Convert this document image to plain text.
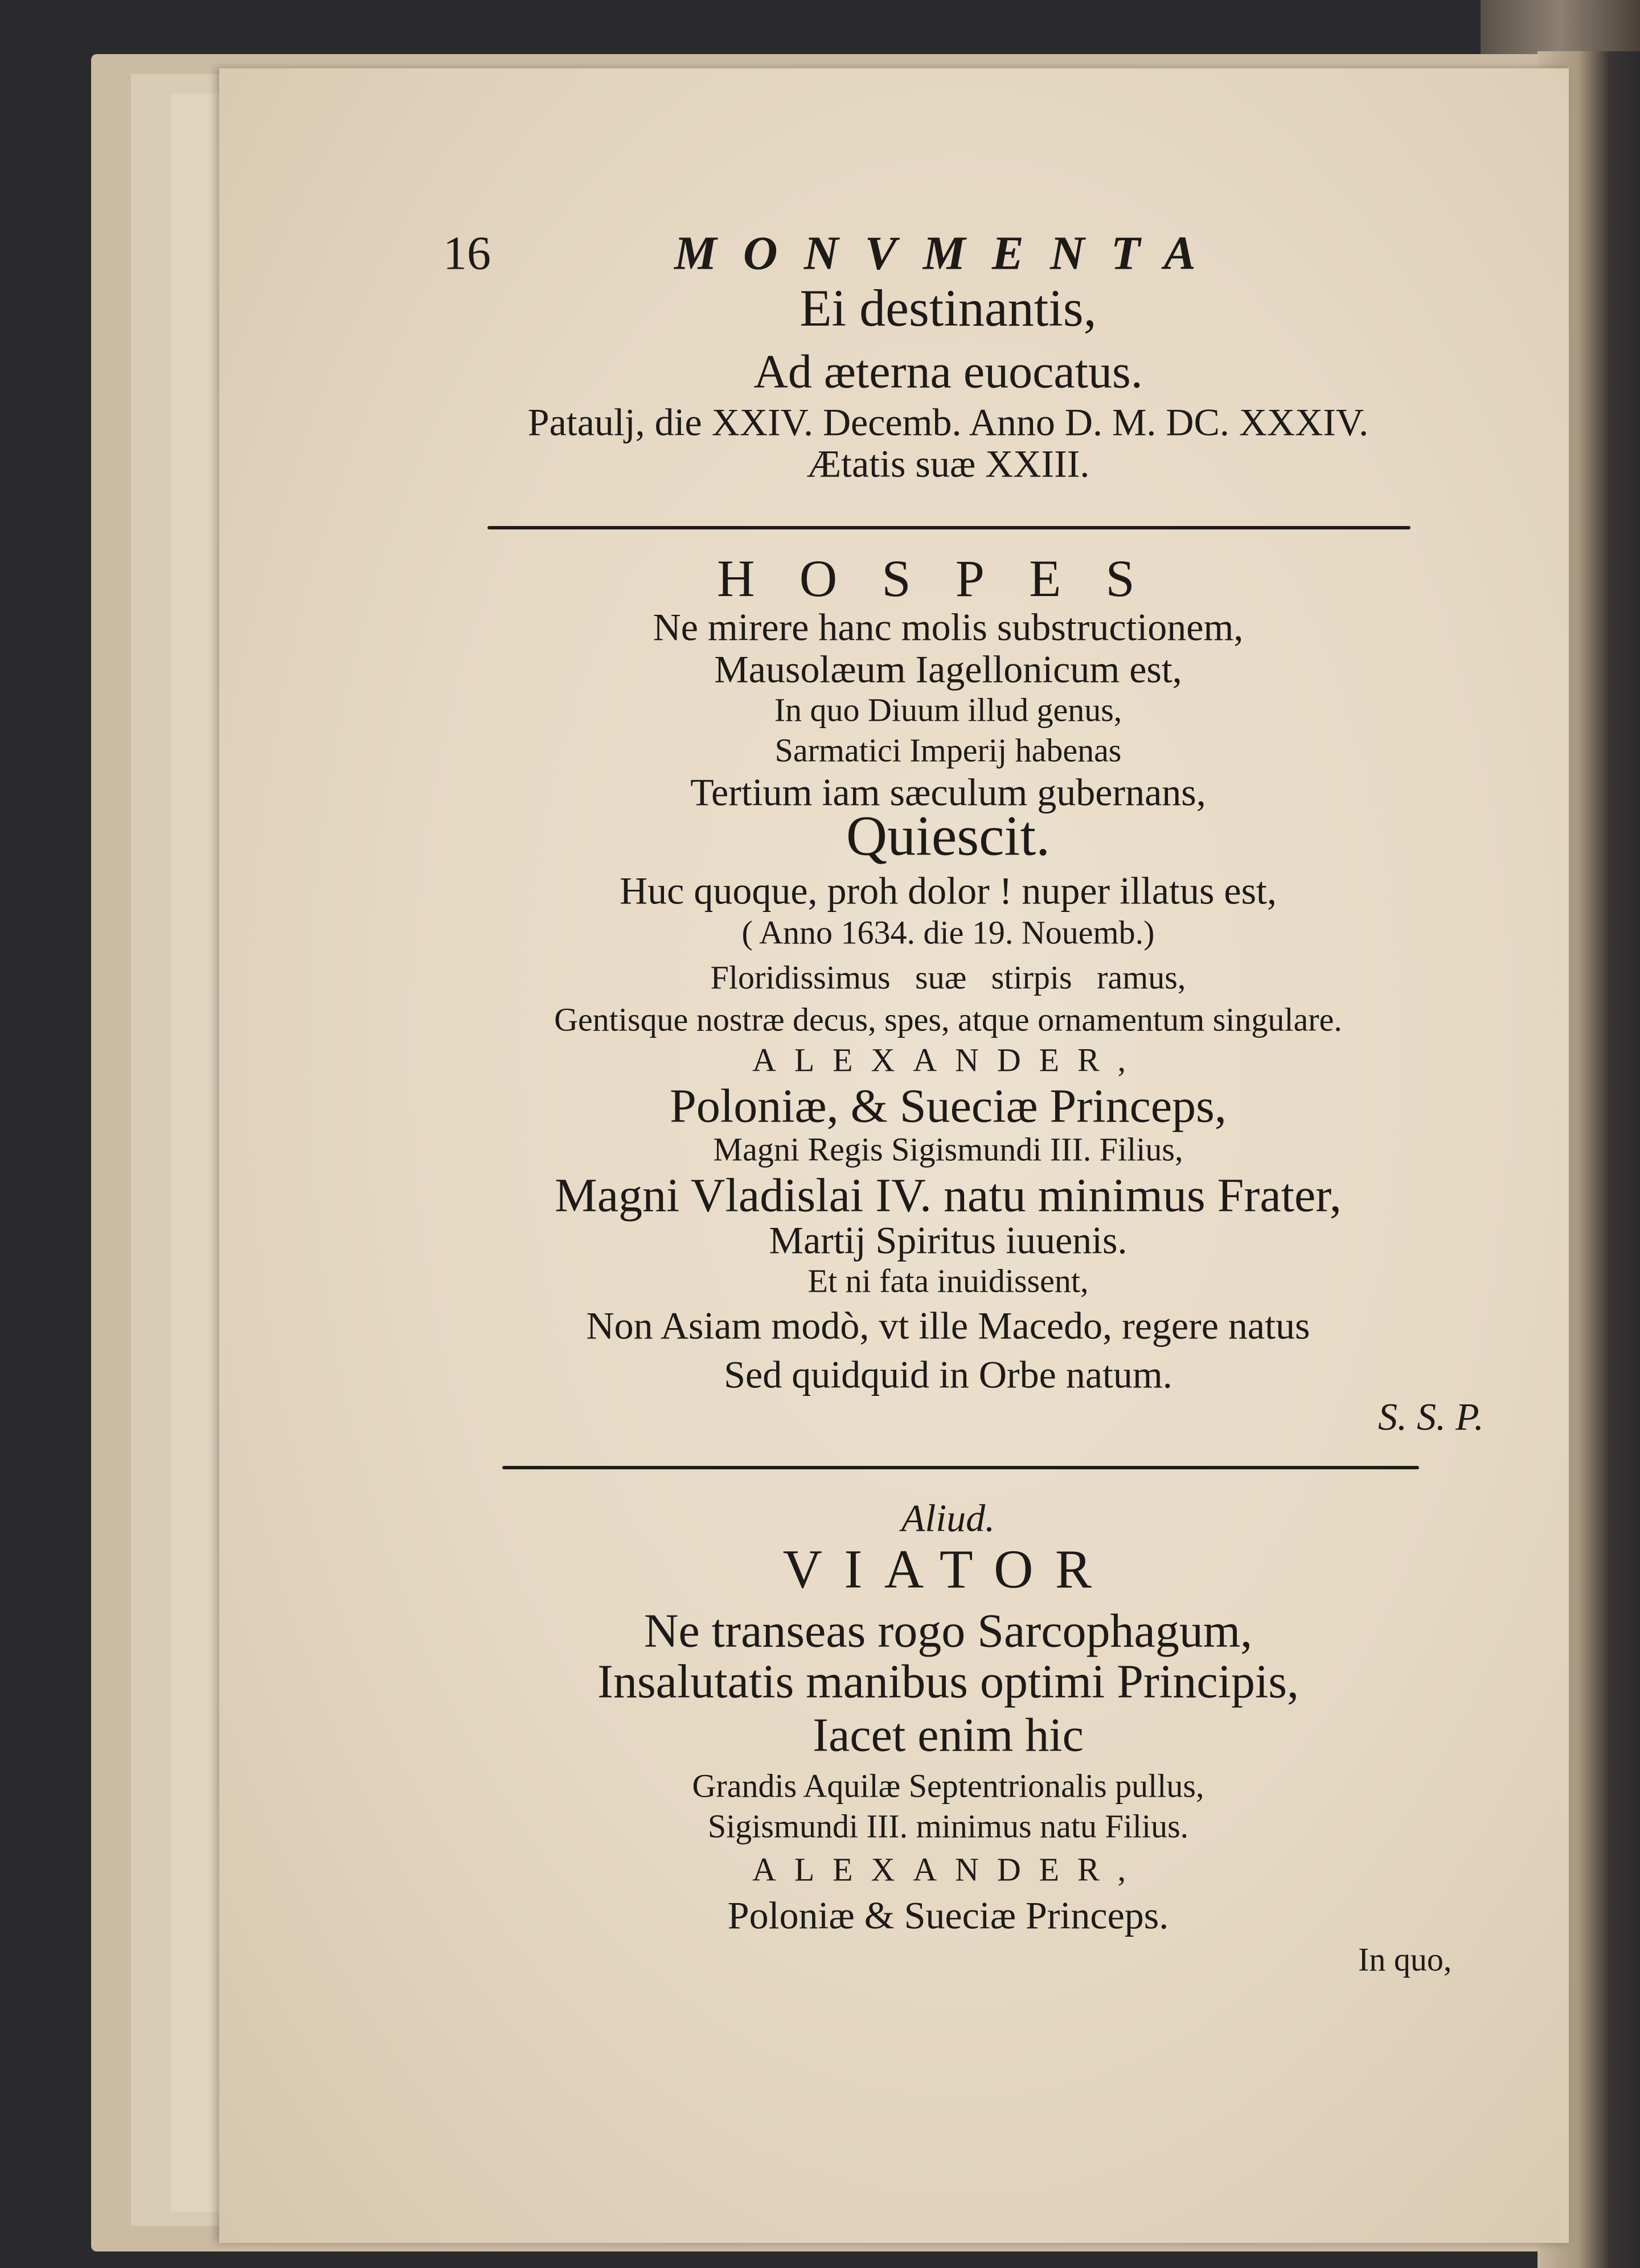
16	MONVMENTA
Ei destinantis,
Ad æterna euocatus.
Pataulj, die XXIV. Decemb. Anno D. M. DC. XXXIV.
Ætatis suæ XXIII.
HOSPES
Ne mirere hanc molis substructionem,
Mausolæum Iagellonicum est,
In quo Diuum illud genus,
Sarmatici Imperij habenas
Tertium iam sæculum gubernans,
Quiescit.
Huc quoque, proh dolor ! nuper illatus est,
( Anno 1634. die 19. Nouemb.)
Floridissimus suæ stirpis ramus,
Gentisque nostræ decus, spes, atque ornamentum singulare.
ALEXANDER,
Poloniæ, & Sueciæ Princeps,
Magni Regis Sigismundi III. Filius,
Magni Vladislai IV. natu minimus Frater,
Martij Spiritus iuuenis.
Et ni fata inuidissent,
Non Asiam modò, vt ille Macedo, regere natus
Sed quidquid in Orbe natum.
S. S. P.
Aliud.
VIATOR
Ne transeas rogo Sarcophagum,
Insalutatis manibus optimi Principis,
Iacet enim hic
Grandis Aquilæ Septentrionalis pullus,
Sigismundi III. minimus natu Filius.
ALEXANDER,
Poloniæ & Sueciæ Princeps.
In quo,
